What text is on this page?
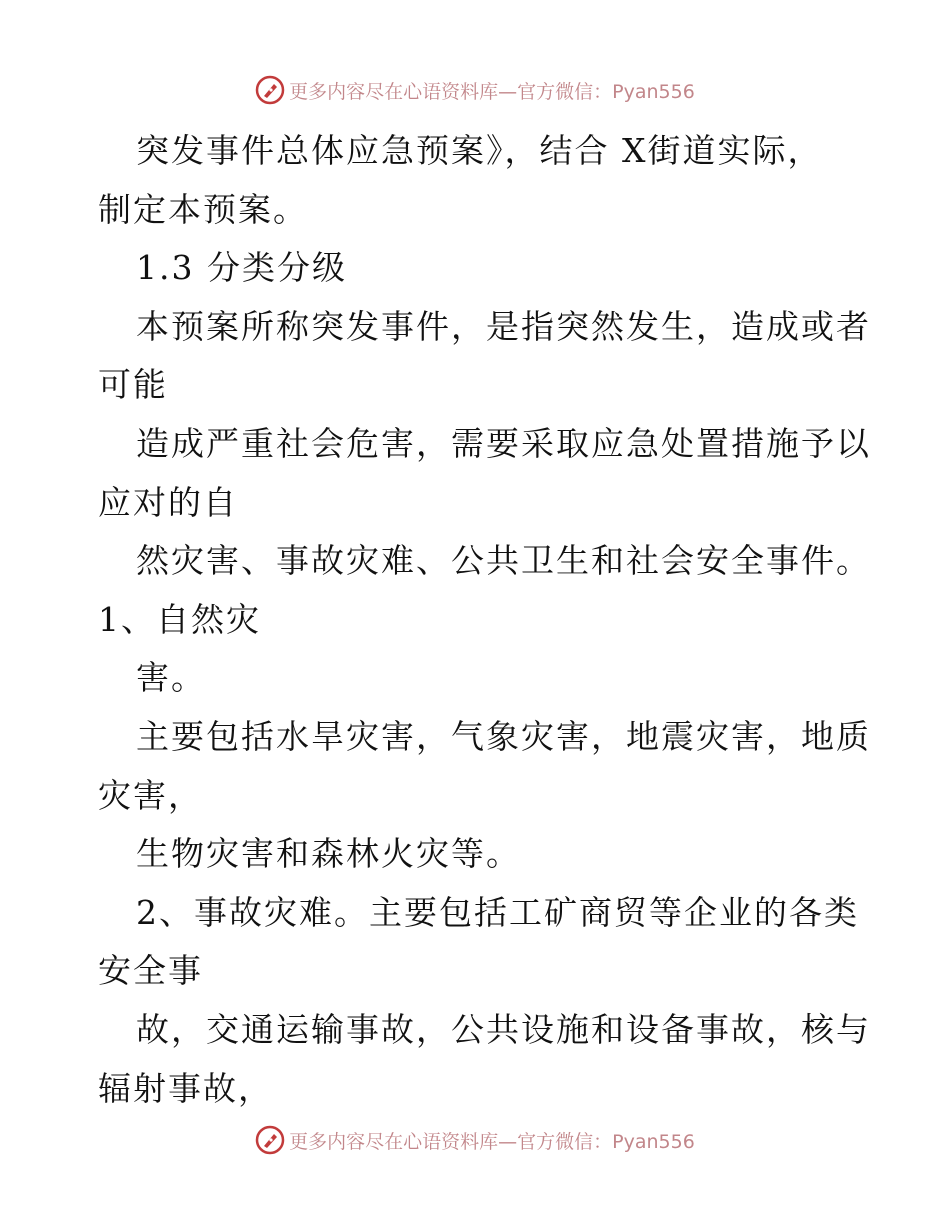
更多内容尽在心语资料库—官方微信：Pyan556
突发事件总体应急预案》，结合 X街道实际，
制定本预案。
1.3 分类分级
本预案所称突发事件，是指突然发生，造成或者
可能
造成严重社会危害，需要采取应急处置措施予以
应对的自
然灾害、事故灾难、公共卫生和社会安全事件。
1、自然灾
害。
主要包括水旱灾害，气象灾害，地震灾害，地质
灾害，
生物灾害和森林火灾等。
2、事故灾难。主要包括工矿商贸等企业的各类
安全事
故，交通运输事故，公共设施和设备事故，核与
辐射事故，
更多内容尽在心语资料库—官方微信：Pyan556
